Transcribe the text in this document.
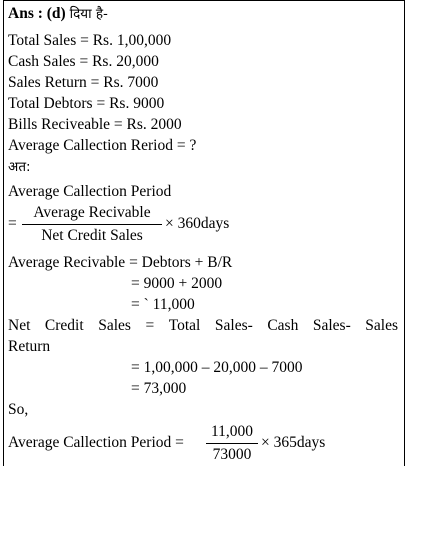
Ans : (d) दिया है-
Total Sales = Rs. 1,00,000
Cash Sales = Rs. 20,000
Sales Return = Rs. 7000
Total Debtors = Rs. 9000
Bills Reciveable = Rs. 2000
Average Callection Reriod = ?
अत:
Average Callection Period
=
Average Recivable
Net Credit Sales
× 360days
Average Recivable = Debtors + B/R
= 9000 + 2000
= ` 11,000
Net Credit Sales = Total Sales- Cash Sales- Sales
Return
= 1,00,000 – 20,000 – 7000
= 73,000
So,
Average Callection Period =
11,000
73000
× 365days
